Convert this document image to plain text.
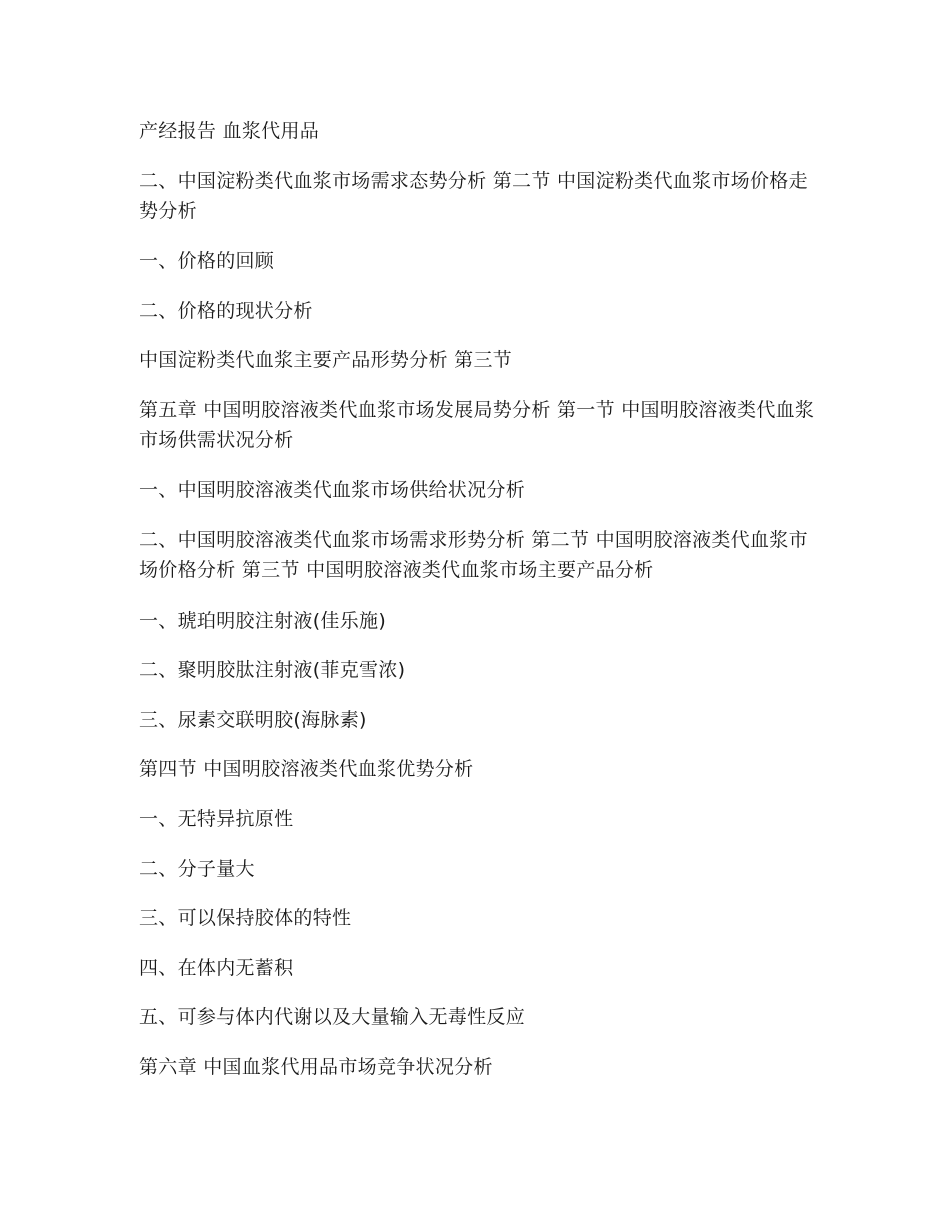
产经报告 血浆代用品
二、中国淀粉类代血浆市场需求态势分析 第二节 中国淀粉类代血浆市场价格走势分析
一、价格的回顾
二、价格的现状分析
中国淀粉类代血浆主要产品形势分析 第三节
第五章 中国明胶溶液类代血浆市场发展局势分析 第一节 中国明胶溶液类代血浆市场供需状况分析
一、中国明胶溶液类代血浆市场供给状况分析
二、中国明胶溶液类代血浆市场需求形势分析 第二节 中国明胶溶液类代血浆市场价格分析 第三节 中国明胶溶液类代血浆市场主要产品分析
一、琥珀明胶注射液(佳乐施)
二、聚明胶肽注射液(菲克雪浓)
三、尿素交联明胶(海脉素)
第四节 中国明胶溶液类代血浆优势分析
一、无特异抗原性
二、分子量大
三、可以保持胶体的特性
四、在体内无蓄积
五、可参与体内代谢以及大量输入无毒性反应
第六章 中国血浆代用品市场竞争状况分析
